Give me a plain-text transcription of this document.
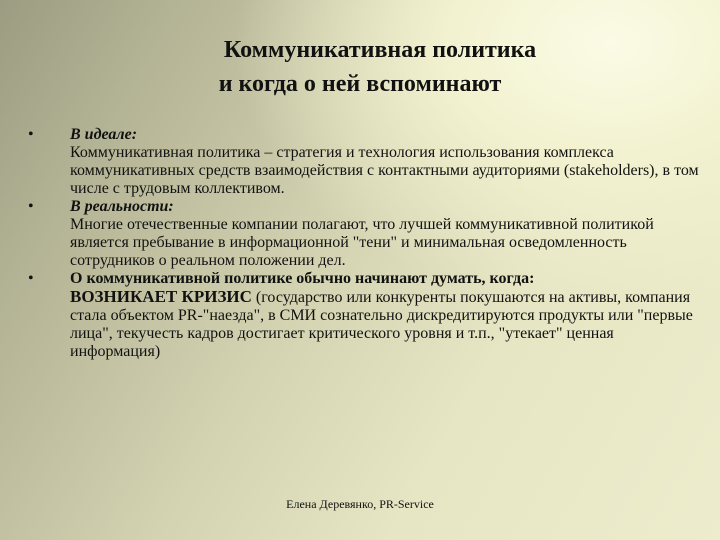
Коммуникативная политика
и когда о ней вспоминают
•	В идеале:
Коммуникативная политика – стратегия и технология использования комплекса коммуникативных средств взаимодействия с контактными аудиториями (stakeholders), в том числе с трудовым коллективом.
•	В реальности:
Многие отечественные компании полагают, что лучшей коммуникативной политикой является пребывание в информационной "тени" и минимальная осведомленность сотрудников о реальном положении дел.
•	О коммуникативной политике обычно начинают думать, когда:
ВОЗНИКАЕТ КРИЗИС (государство или конкуренты покушаются на активы, компания стала объектом PR-"наезда", в СМИ сознательно дискредитируются продукты или "первые лица", текучесть кадров достигает критического уровня и т.п., "утекает" ценная информация)
Елена Деревянко, PR-Service
